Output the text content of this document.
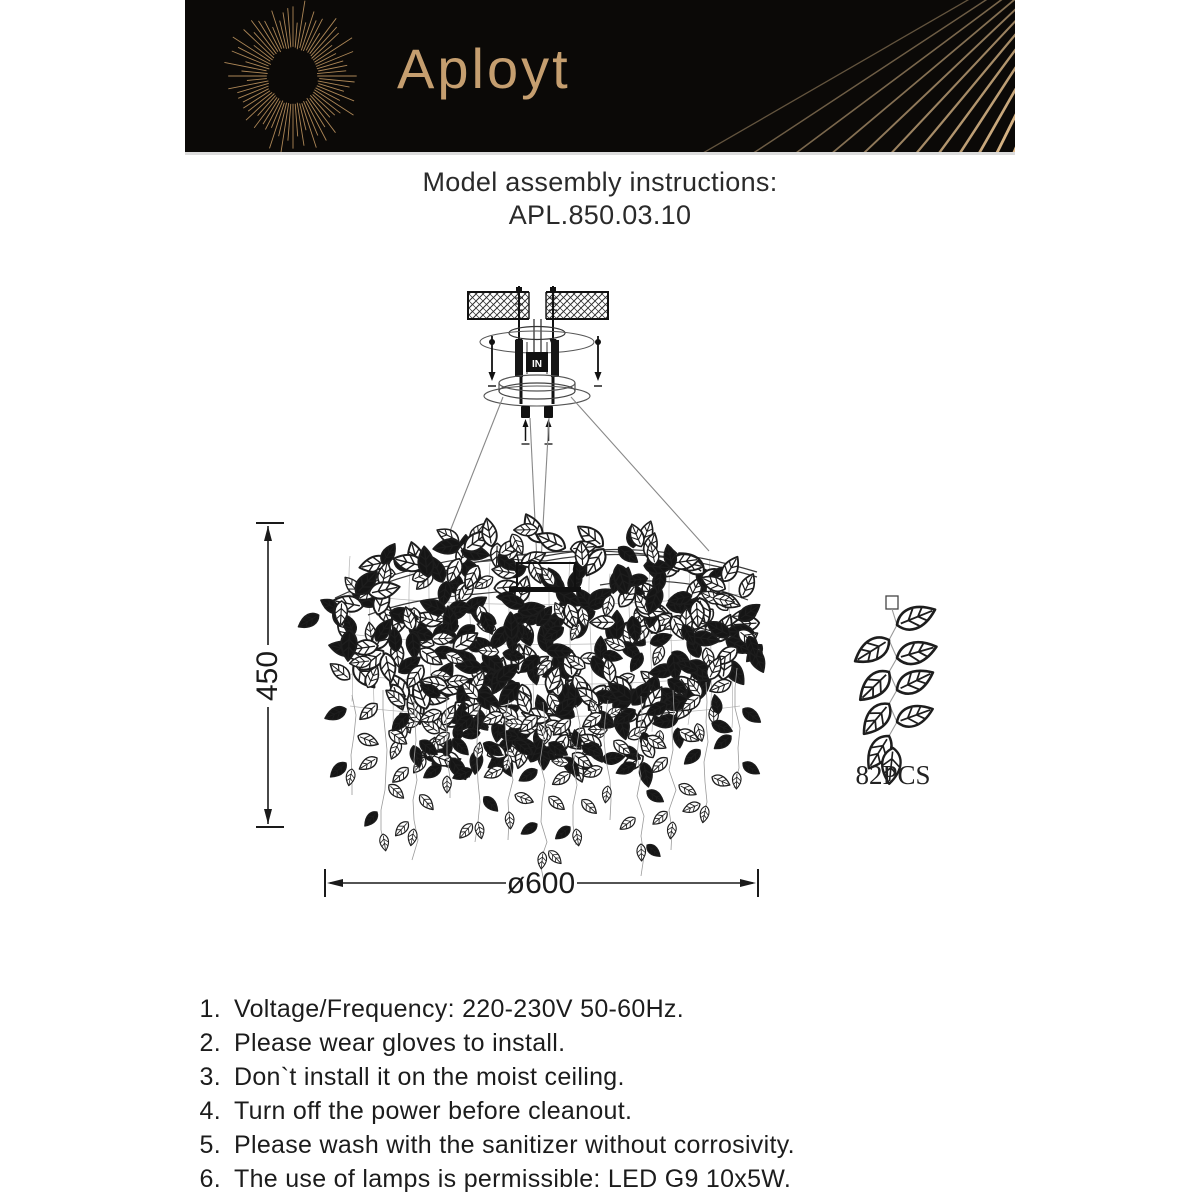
Aployt
Model assembly instructions:
APL.850.03.10
IN
450
ø600
82PCS
1. Voltage/Frequency: 220-230V 50-60Hz.
2. Please wear gloves to install.
3. Don`t install it on the moist ceiling.
4. Turn off the power before cleanout.
5. Please wash with the sanitizer without corrosivity.
6. The use of lamps is permissible: LED G9 10x5W.
